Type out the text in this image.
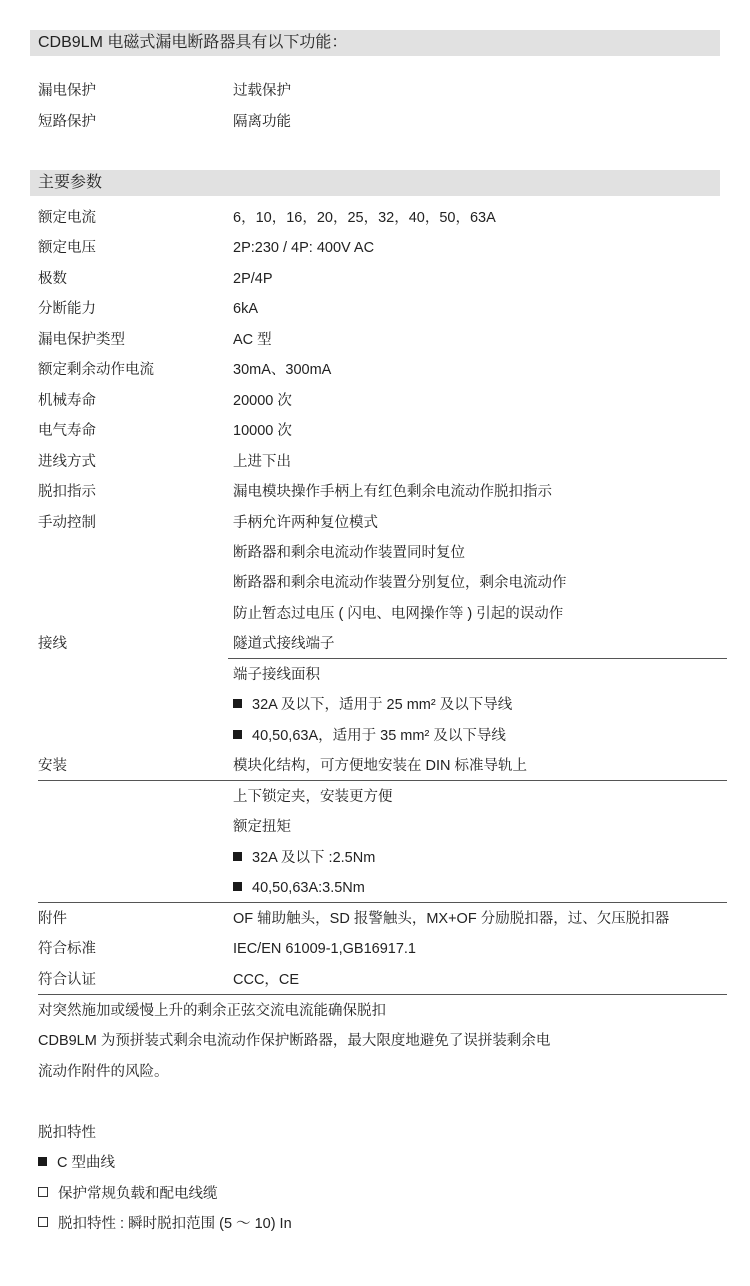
CDB9LM 电磁式漏电断路器具有以下功能：
漏电保护	过载保护
短路保护	隔离功能
主要参数
额定电流	6，10，16，20，25，32，40，50，63A
额定电压	2P:230 / 4P: 400V AC
极数	2P/4P
分断能力	6kA
漏电保护类型	AC 型
额定剩余动作电流	30mA、300mA
机械寿命	20000 次
电气寿命	10000 次
进线方式	上进下出
脱扣指示	漏电模块操作手柄上有红色剩余电流动作脱扣指示
手动控制	手柄允许两种复位模式
断路器和剩余电流动作装置同时复位
断路器和剩余电流动作装置分别复位，剩余电流动作
防止暂态过电压 ( 闪电、电网操作等 ) 引起的误动作
接线	隧道式接线端子
端子接线面积
32A 及以下，适用于 25 mm² 及以下导线
40,50,63A，适用于 35 mm² 及以下导线
安装	模块化结构，可方便地安装在 DIN 标准导轨上
上下锁定夹，安装更方便
额定扭矩
32A 及以下 :2.5Nm
40,50,63A:3.5Nm
附件	OF 辅助触头，SD 报警触头，MX+OF 分励脱扣器，过、欠压脱扣器
符合标准	IEC/EN 61009-1,GB16917.1
符合认证	CCC，CE
对突然施加或缓慢上升的剩余正弦交流电流能确保脱扣
CDB9LM 为预拼装式剩余电流动作保护断路器，最大限度地避免了误拼装剩余电
流动作附件的风险。
脱扣特性
C 型曲线
保护常规负载和配电线缆
脱扣特性 : 瞬时脱扣范围 (5 ～ 10) In
